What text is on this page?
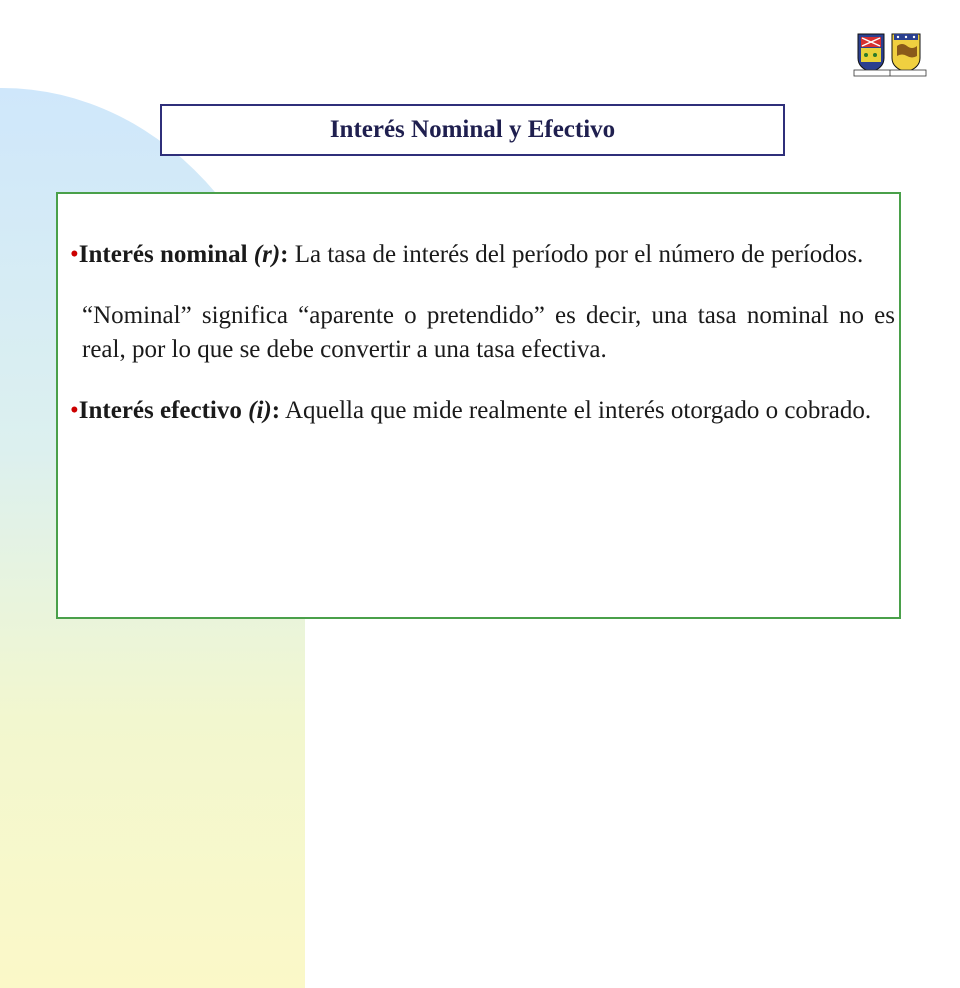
Interés Nominal y Efectivo

•Interés nominal (r): La tasa de interés del período por el número de períodos.

“Nominal” significa “aparente o pretendido” es decir, una tasa nominal no es real, por lo que se debe convertir a una tasa efectiva.

•Interés efectivo (i): Aquella que mide realmente el interés otorgado o cobrado.
